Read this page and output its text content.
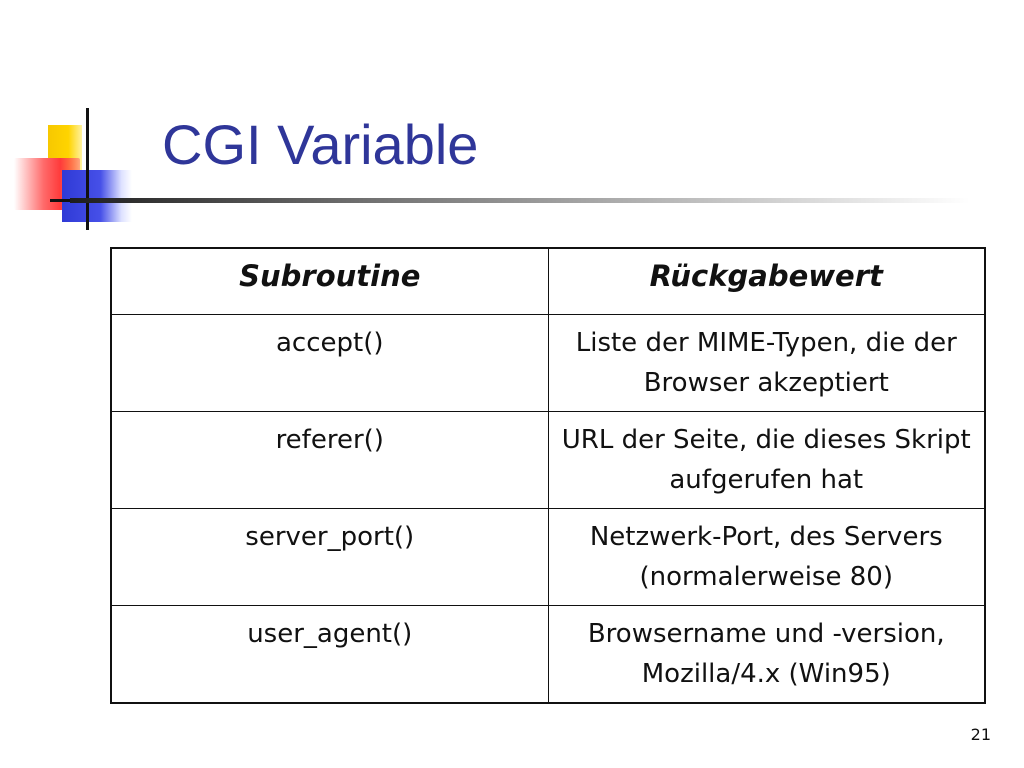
CGI Variable
Subroutine	Rückgabewert
accept()	Liste der MIME-Typen, die der Browser akzeptiert
referer()	URL der Seite, die dieses Skript aufgerufen hat
server_port()	Netzwerk-Port, des Servers (normalerweise 80)
user_agent()	Browsername und -version, Mozilla/4.x (Win95)
21
